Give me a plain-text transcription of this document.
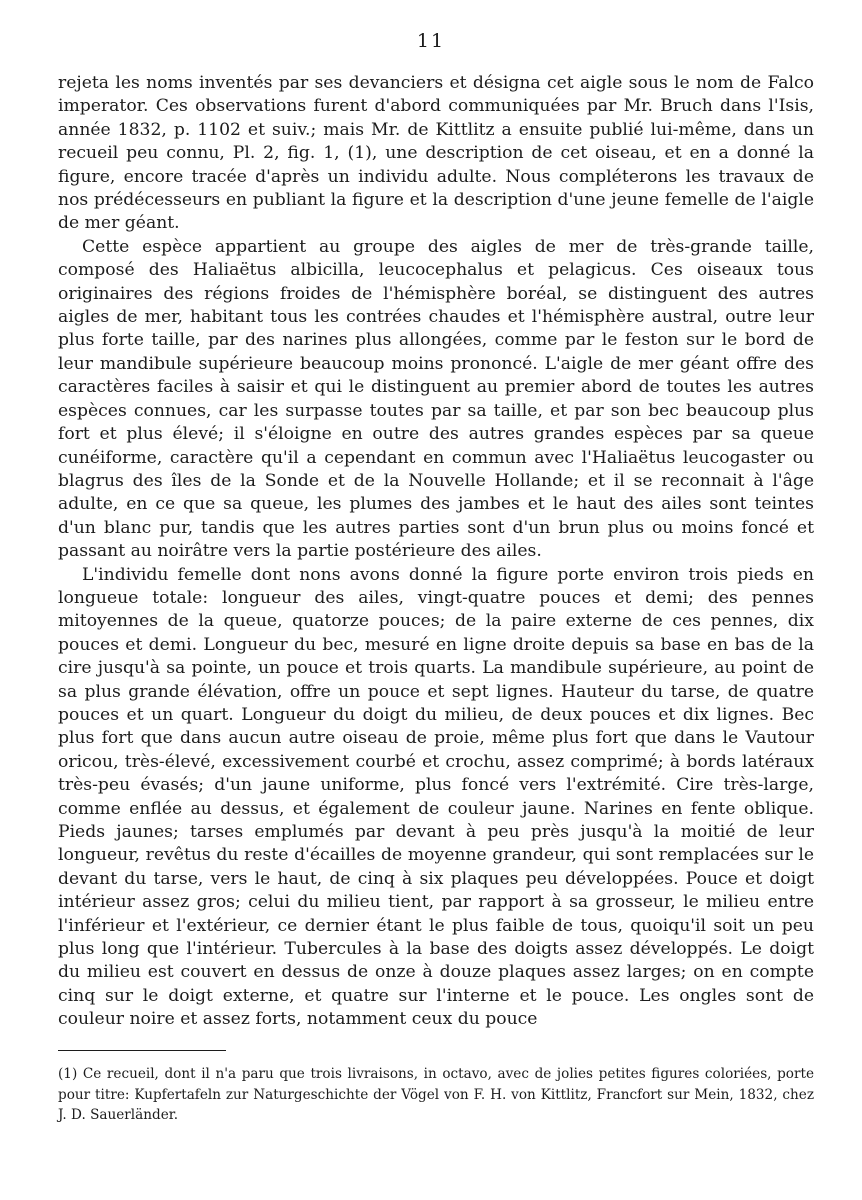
11

rejeta les noms inventés par ses devanciers et désigna cet aigle sous le nom de Falco imperator. Ces observations furent d'abord communiquées par Mr. Bruch dans l'Isis, année 1832, p. 1102 et suiv.; mais Mr. de Kittlitz a ensuite publié lui-même, dans un recueil peu connu, Pl. 2, fig. 1, (1), une description de cet oiseau, et en a donné la figure, encore tracée d'après un individu adulte. Nous compléterons les travaux de nos prédécesseurs en publiant la figure et la description d'une jeune femelle de l'aigle de mer géant.

Cette espèce appartient au groupe des aigles de mer de très-grande taille, composé des Haliaëtus albicilla, leucocephalus et pelagicus. Ces oiseaux tous originaires des régions froides de l'hémisphère boréal, se distinguent des autres aigles de mer, habitant tous les contrées chaudes et l'hémisphère austral, outre leur plus forte taille, par des narines plus allongées, comme par le feston sur le bord de leur mandibule supérieure beaucoup moins prononcé. L'aigle de mer géant offre des caractères faciles à saisir et qui le distinguent au premier abord de toutes les autres espèces connues, car les surpasse toutes par sa taille, et par son bec beaucoup plus fort et plus élevé; il s'éloigne en outre des autres grandes espèces par sa queue cunéiforme, caractère qu'il a cependant en commun avec l'Haliaëtus leucogaster ou blagrus des îles de la Sonde et de la Nouvelle Hollande; et il se reconnait à l'âge adulte, en ce que sa queue, les plumes des jambes et le haut des ailes sont teintes d'un blanc pur, tandis que les autres parties sont d'un brun plus ou moins foncé et passant au noirâtre vers la partie postérieure des ailes.

L'individu femelle dont nons avons donné la figure porte environ trois pieds en longueue totale: longueur des ailes, vingt-quatre pouces et demi; des pennes mitoyennes de la queue, quatorze pouces; de la paire externe de ces pennes, dix pouces et demi. Longueur du bec, mesuré en ligne droite depuis sa base en bas de la cire jusqu'à sa pointe, un pouce et trois quarts. La mandibule supérieure, au point de sa plus grande élévation, offre un pouce et sept lignes. Hauteur du tarse, de quatre pouces et un quart. Longueur du doigt du milieu, de deux pouces et dix lignes. Bec plus fort que dans aucun autre oiseau de proie, même plus fort que dans le Vautour oricou, très-élevé, excessivement courbé et crochu, assez comprimé; à bords latéraux très-peu évasés; d'un jaune uniforme, plus foncé vers l'extrémité. Cire très-large, comme enflée au dessus, et également de couleur jaune. Narines en fente oblique. Pieds jaunes; tarses emplumés par devant à peu près jusqu'à la moitié de leur longueur, revêtus du reste d'écailles de moyenne grandeur, qui sont remplacées sur le devant du tarse, vers le haut, de cinq à six plaques peu développées. Pouce et doigt intérieur assez gros; celui du milieu tient, par rapport à sa grosseur, le milieu entre l'inférieur et l'extérieur, ce dernier étant le plus faible de tous, quoiqu'il soit un peu plus long que l'intérieur. Tubercules à la base des doigts assez développés. Le doigt du milieu est couvert en dessus de onze à douze plaques assez larges; on en compte cinq sur le doigt externe, et quatre sur l'interne et le pouce. Les ongles sont de couleur noire et assez forts, notamment ceux du pouce

(1) Ce recueil, dont il n'a paru que trois livraisons, in octavo, avec de jolies petites figures coloriées, porte pour titre: Kupfertafeln zur Naturgeschichte der Vögel von F. H. von Kittlitz, Francfort sur Mein, 1832, chez J. D. Sauerländer.
